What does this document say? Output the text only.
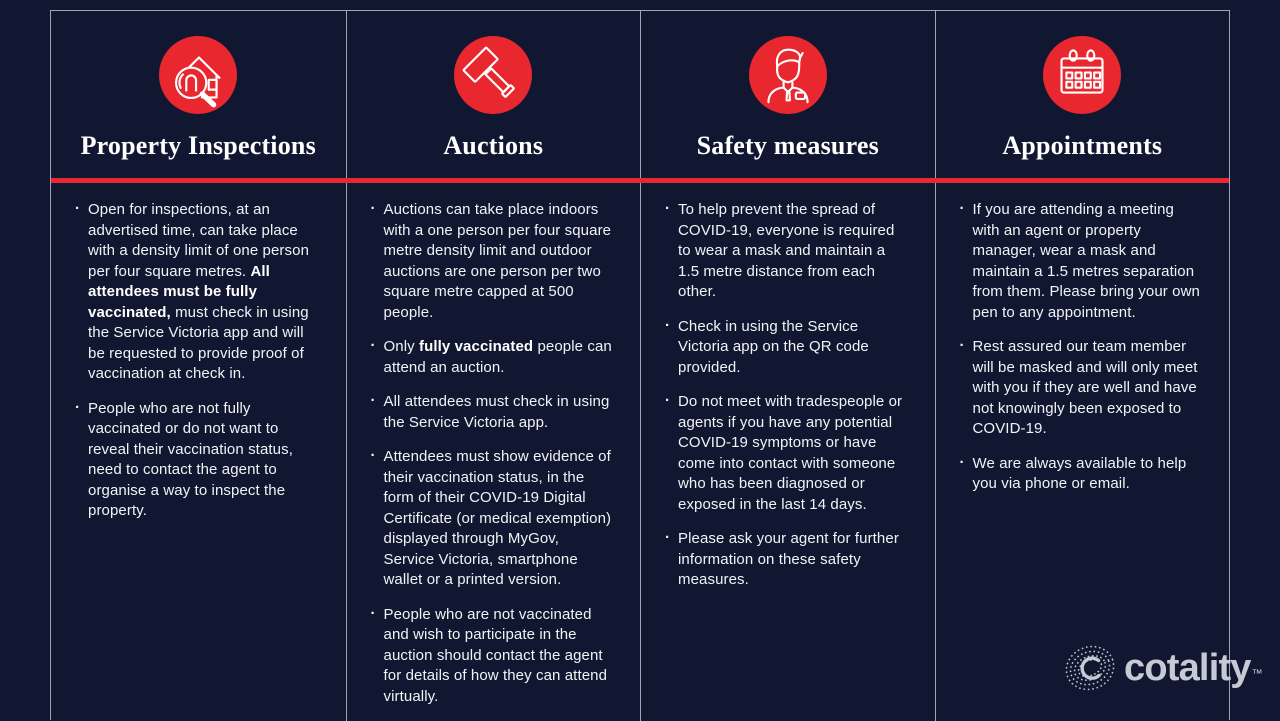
Property Inspections
· Open for inspections, at an advertised time, can take place with a density limit of one person per four square metres. All attendees must be fully vaccinated, must check in using the Service Victoria app and will be requested to provide proof of vaccination at check in.
· People who are not fully vaccinated or do not want to reveal their vaccination status, need to contact the agent to organise a way to inspect the property.
Auctions
· Auctions can take place indoors with a one person per four square metre density limit and outdoor auctions are one person per two square metre capped at 500 people.
· Only fully vaccinated people can attend an auction.
· All attendees must check in using the Service Victoria app.
· Attendees must show evidence of their vaccination status, in the form of their COVID-19 Digital Certificate (or medical exemption) displayed through MyGov, Service Victoria, smartphone wallet or a printed version.
· People who are not vaccinated and wish to participate in the auction should contact the agent for details of how they can attend virtually.
Safety measures
· To help prevent the spread of COVID-19, everyone is required to wear a mask and maintain a 1.5 metre distance from each other.
· Check in using the Service Victoria app on the QR code provided.
· Do not meet with tradespeople or agents if you have any potential COVID-19 symptoms or have come into contact with someone who has been diagnosed or exposed in the last 14 days.
· Please ask your agent for further information on these safety measures.
Appointments
· If you are attending a meeting with an agent or property manager, wear a mask and maintain a 1.5 metres separation from them. Please bring your own pen to any appointment.
· Rest assured our team member will be masked and will only meet with you if they are well and have not knowingly been exposed to COVID-19.
· We are always available to help you via phone or email.
cotality™
